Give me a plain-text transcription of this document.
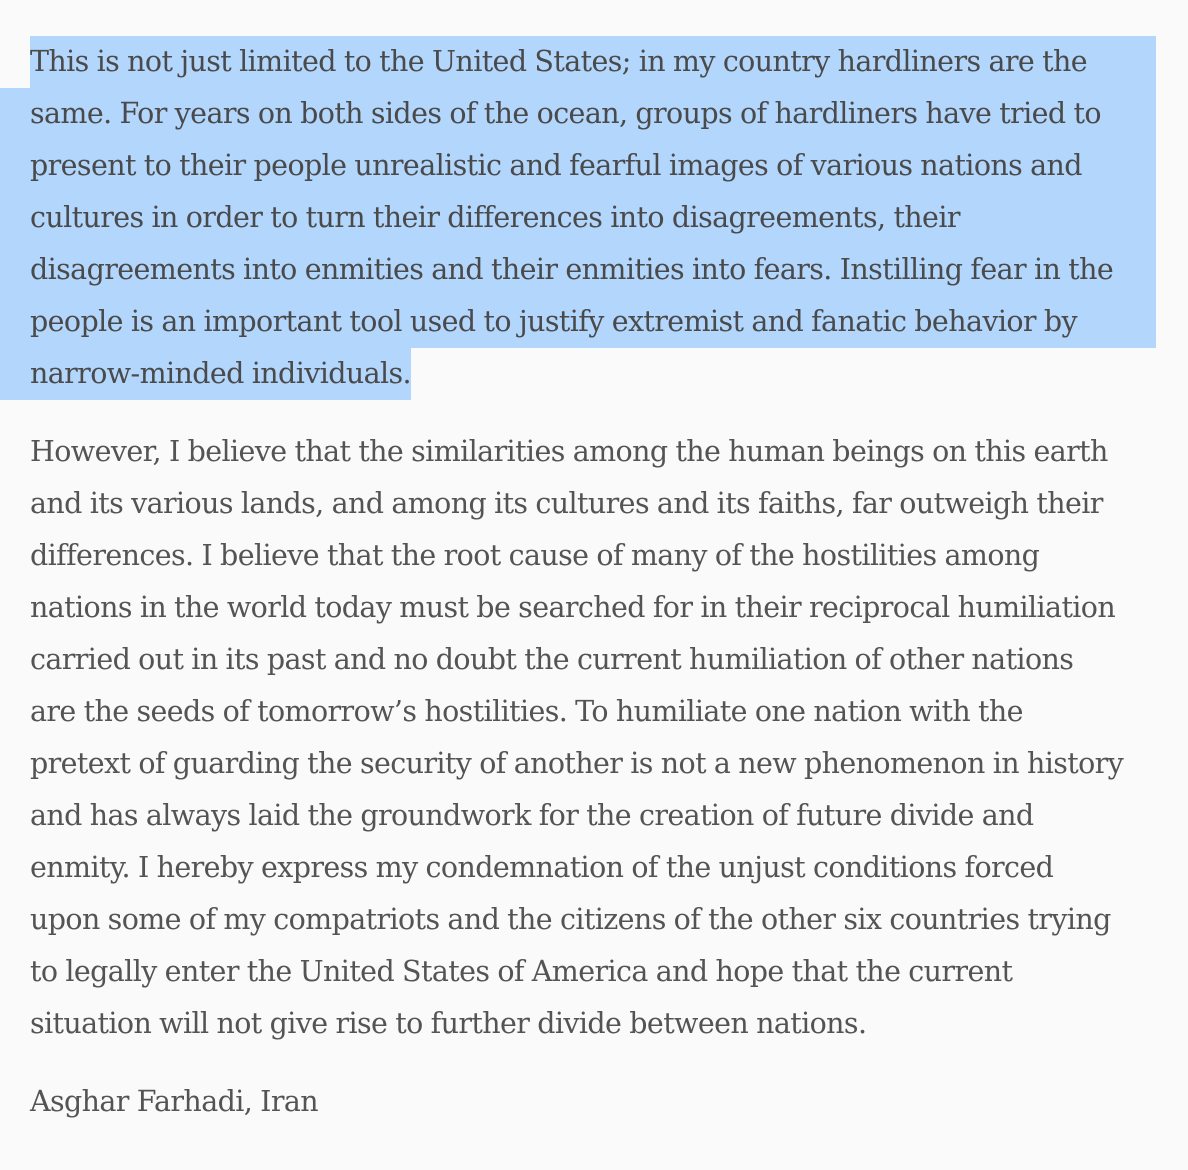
This is not just limited to the United States; in my country hardliners are the
same. For years on both sides of the ocean, groups of hardliners have tried to
present to their people unrealistic and fearful images of various nations and
cultures in order to turn their differences into disagreements, their
disagreements into enmities and their enmities into fears. Instilling fear in the
people is an important tool used to justify extremist and fanatic behavior by
narrow-minded individuals.
However, I believe that the similarities among the human beings on this earth
and its various lands, and among its cultures and its faiths, far outweigh their
differences. I believe that the root cause of many of the hostilities among
nations in the world today must be searched for in their reciprocal humiliation
carried out in its past and no doubt the current humiliation of other nations
are the seeds of tomorrow’s hostilities. To humiliate one nation with the
pretext of guarding the security of another is not a new phenomenon in history
and has always laid the groundwork for the creation of future divide and
enmity. I hereby express my condemnation of the unjust conditions forced
upon some of my compatriots and the citizens of the other six countries trying
to legally enter the United States of America and hope that the current
situation will not give rise to further divide between nations.
Asghar Farhadi, Iran
